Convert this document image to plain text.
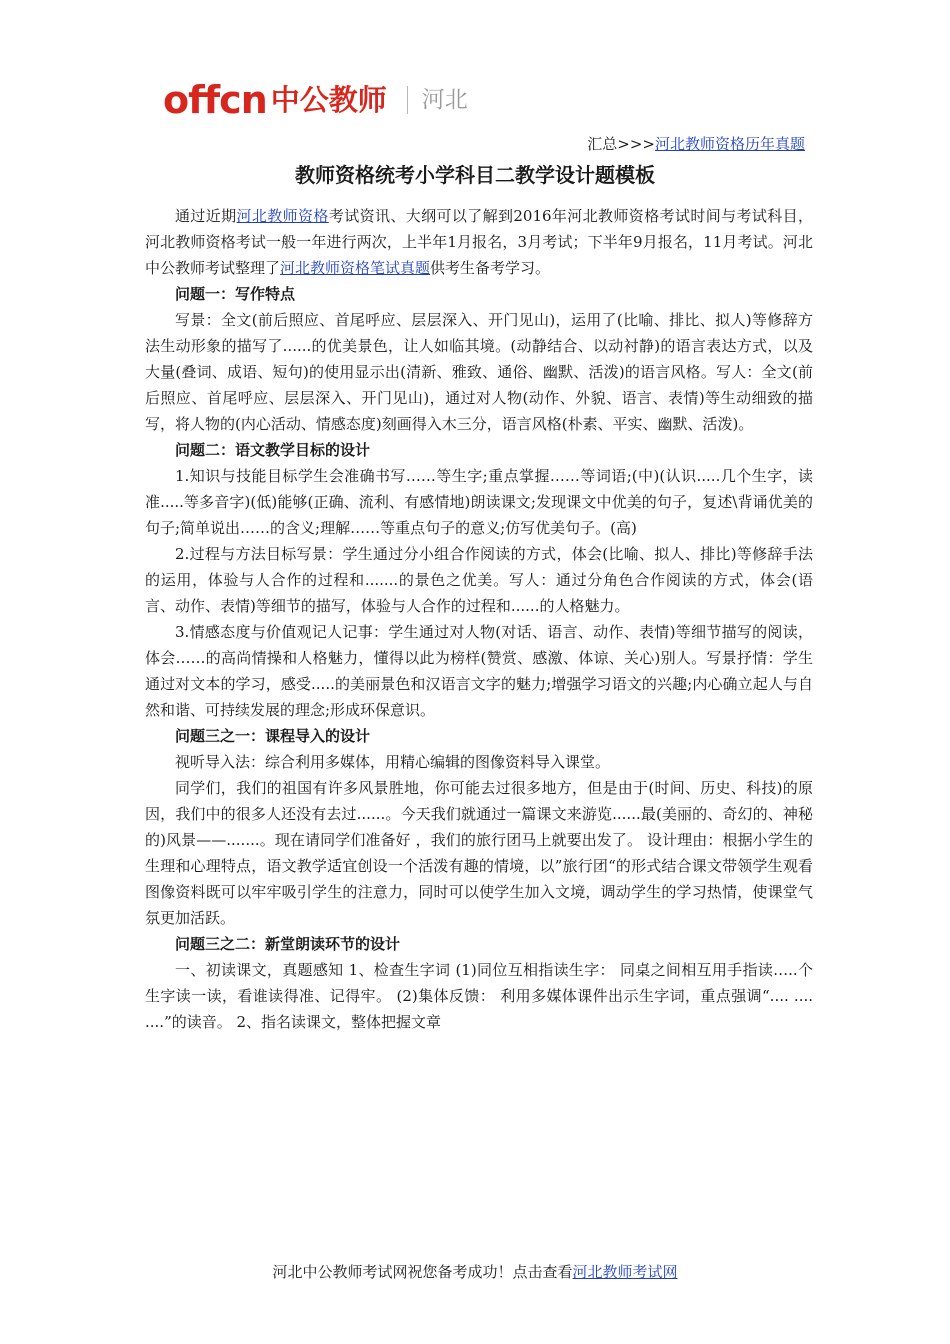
offcn 中公教师 河北
汇总>>>河北教师资格历年真题
教师资格统考小学科目二教学设计题模板

通过近期河北教师资格考试资讯、大纲可以了解到2016年河北教师资格考试时间与考试科目，河北教师资格考试一般一年进行两次，上半年1月报名，3月考试；下半年9月报名，11月考试。河北中公教师考试整理了河北教师资格笔试真题供考生备考学习。

问题一：写作特点

写景：全文(前后照应、首尾呼应、层层深入、开门见山)，运用了(比喻、排比、拟人)等修辞方法生动形象的描写了......的优美景色，让人如临其境。(动静结合、以动衬静)的语言表达方式，以及大量(叠词、成语、短句)的使用显示出(清新、雅致、通俗、幽默、活泼)的语言风格。写人：全文(前后照应、首尾呼应、层层深入、开门见山)，通过对人物(动作、外貌、语言、表情)等生动细致的描写，将人物的(内心活动、情感态度)刻画得入木三分，语言风格(朴素、平实、幽默、活泼)。

问题二：语文教学目标的设计

1.知识与技能目标学生会准确书写……等生字;重点掌握……等词语;(中)(认识.....几个生字，读准.....等多音字)(低)能够(正确、流利、有感情地)朗读课文;发现课文中优美的句子，复述\背诵优美的句子;简单说出……的含义;理解……等重点句子的意义;仿写优美句子。(高)

2.过程与方法目标写景：学生通过分小组合作阅读的方式，体会(比喻、拟人、排比)等修辞手法的运用，体验与人合作的过程和.......的景色之优美。写人：通过分角色合作阅读的方式，体会(语言、动作、表情)等细节的描写，体验与人合作的过程和......的人格魅力。

3.情感态度与价值观记人记事：学生通过对人物(对话、语言、动作、表情)等细节描写的阅读，体会……的高尚情操和人格魅力，懂得以此为榜样(赞赏、感激、体谅、关心)别人。写景抒情：学生通过对文本的学习，感受.....的美丽景色和汉语言文字的魅力;增强学习语文的兴趣;内心确立起人与自然和谐、可持续发展的理念;形成环保意识。

问题三之一：课程导入的设计

视听导入法：综合利用多媒体，用精心编辑的图像资料导入课堂。

同学们，我们的祖国有许多风景胜地，你可能去过很多地方，但是由于(时间、历史、科技)的原因，我们中的很多人还没有去过......。今天我们就通过一篇课文来游览......最(美丽的、奇幻的、神秘的)风景——.......。现在请同学们准备好 ，我们的旅行团马上就要出发了。 设计理由：根据小学生的生理和心理特点，语文教学适宜创设一个活泼有趣的情境，以”旅行团“的形式结合课文带领学生观看图像资料既可以牢牢吸引学生的注意力，同时可以使学生加入文境，调动学生的学习热情，使课堂气氛更加活跃。

问题三之二：新堂朗读环节的设计

一、初读课文，真题感知 1、检查生字词 (1)同位互相指读生字： 同桌之间相互用手指读…..个生字读一读，看谁读得准、记得牢。 (2)集体反馈： 利用多媒体课件出示生字词，重点强调“.... .... ....”的读音。 2、指名读课文，整体把握文章

河北中公教师考试网祝您备考成功！点击查看河北教师考试网
